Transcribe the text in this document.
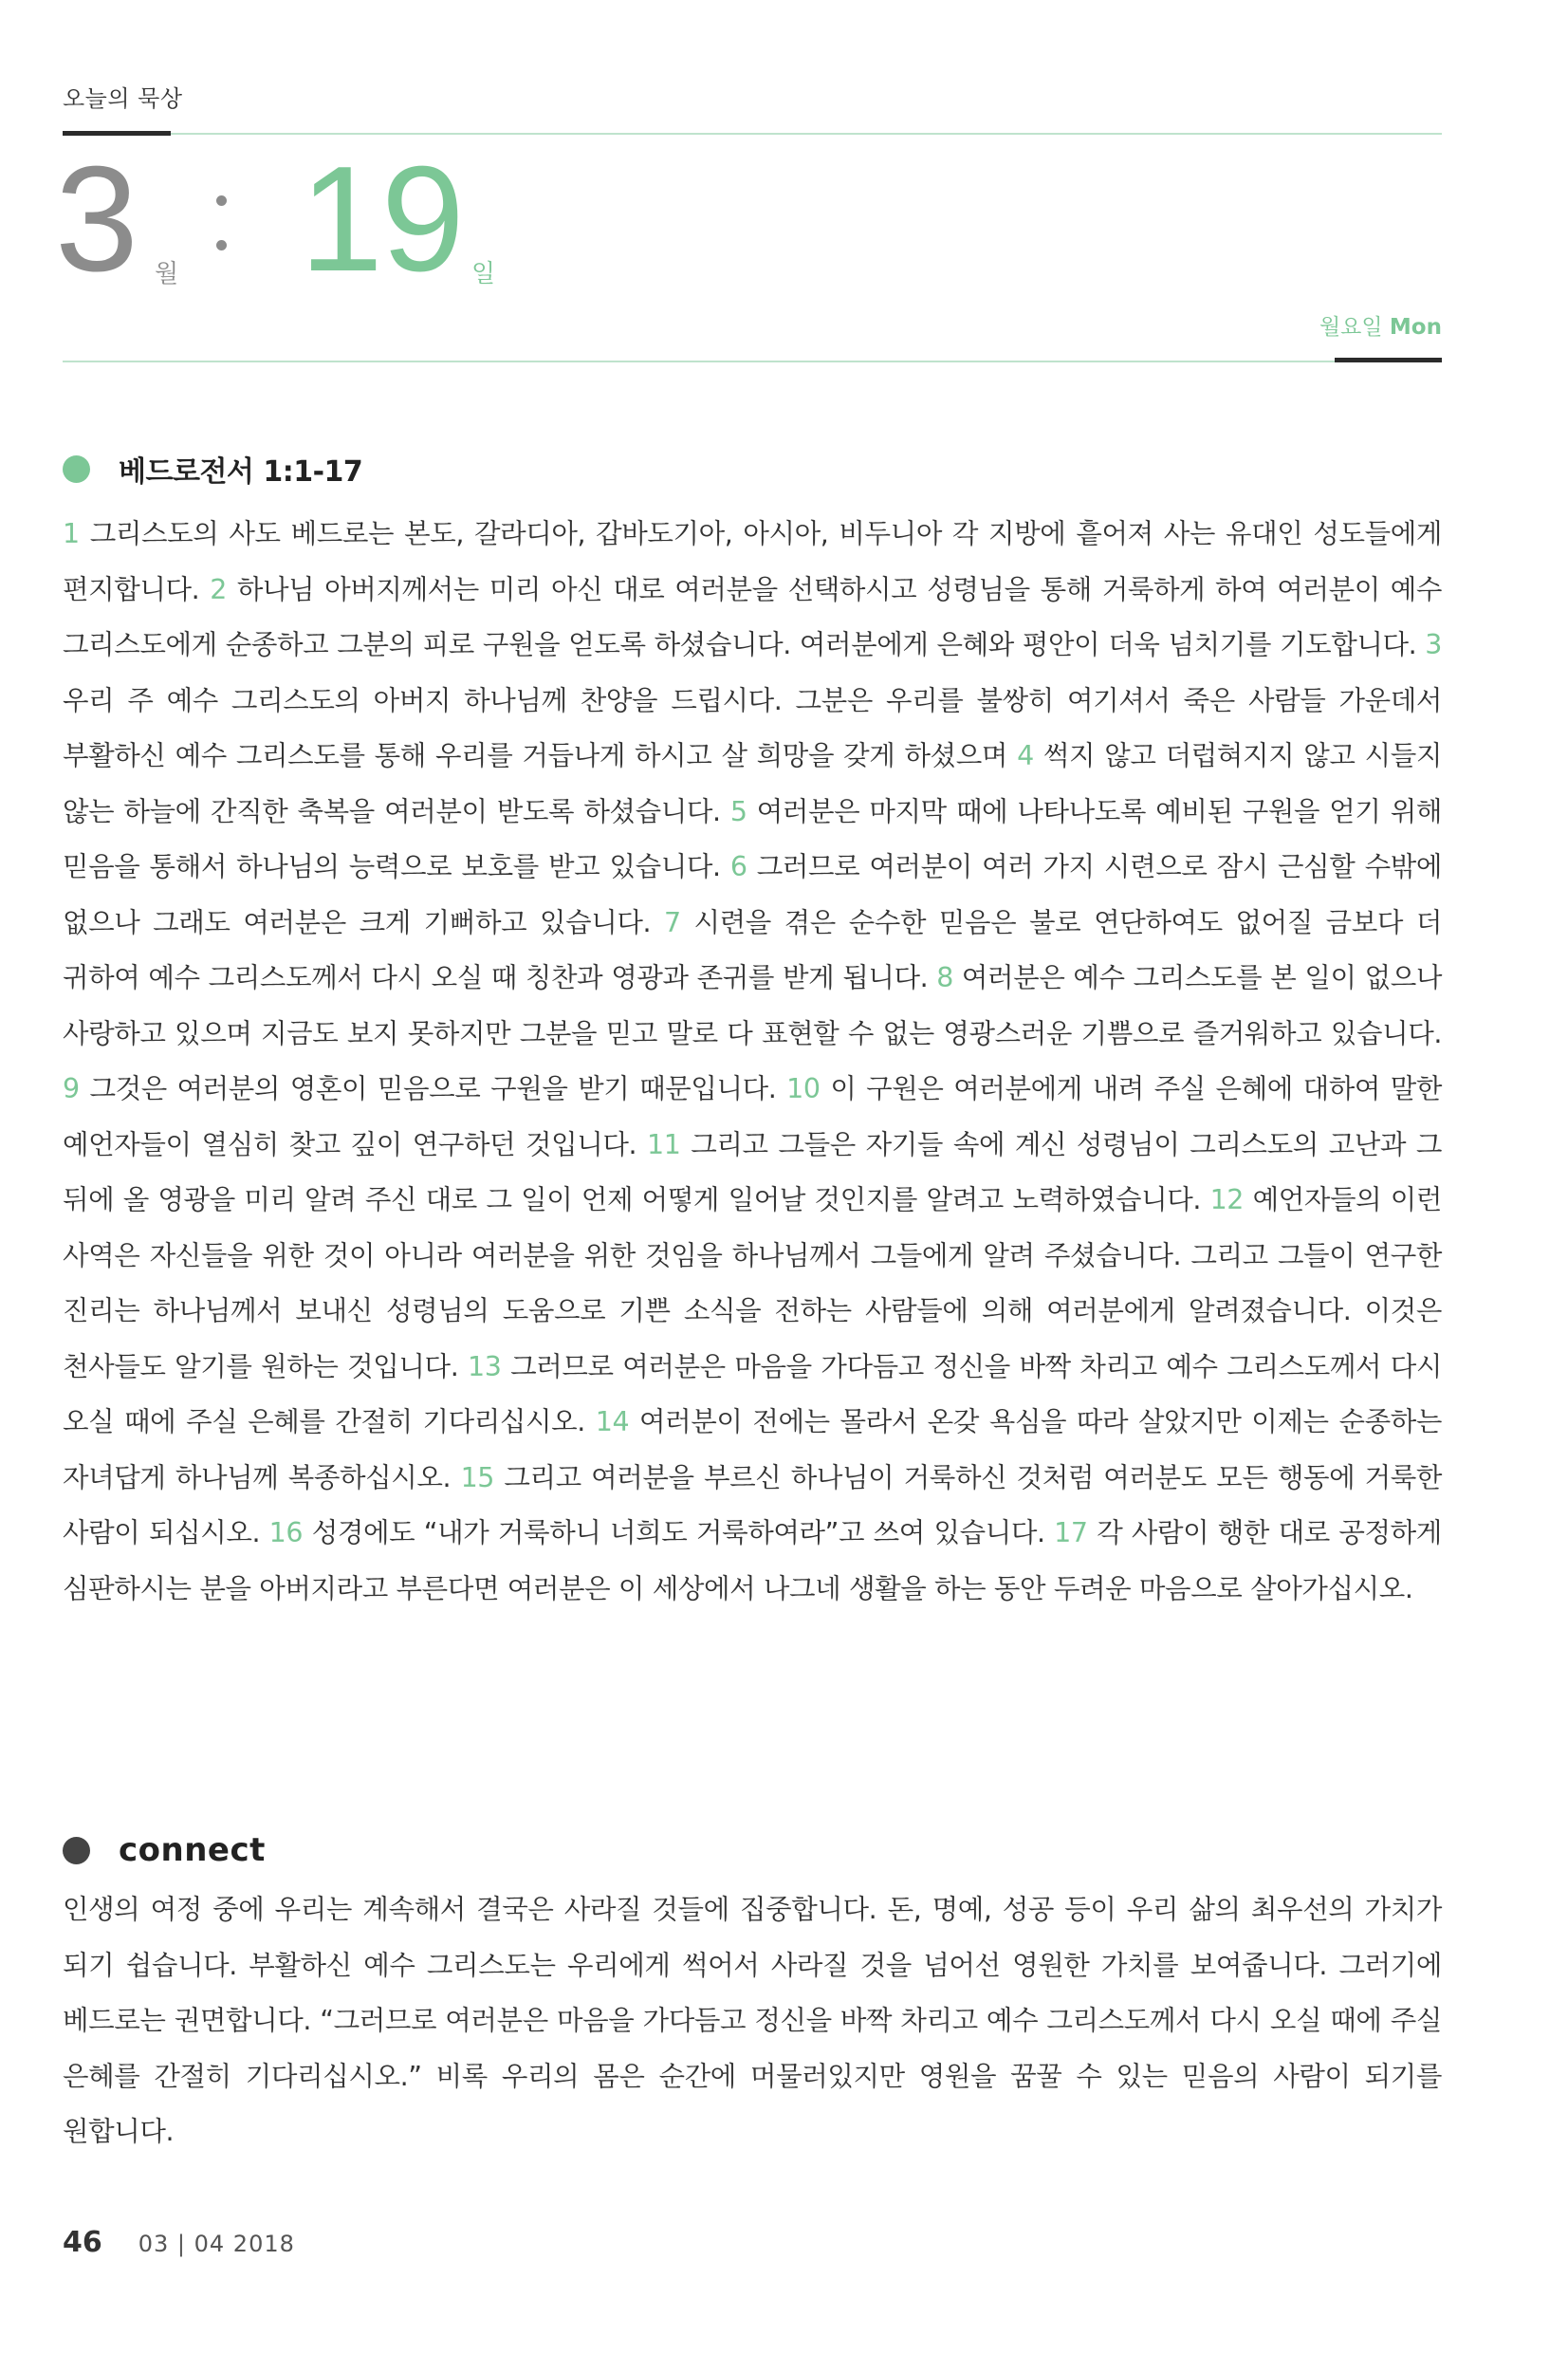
오늘의 묵상
3 월 19 일
월요일 Mon
베드로전서 1:1-17
1 그리스도의 사도 베드로는 본도, 갈라디아, 갑바도기아, 아시아, 비두니아 각 지방에 흩어져 사는 유대인 성도들에게 편지합니다. 2 하나님 아버지께서는 미리 아신 대로 여러분을 선택하시고 성령님을 통해 거룩하게 하여 여러분이 예수 그리스도에게 순종하고 그분의 피로 구원을 얻도록 하셨습니다. 여러분에게 은혜와 평안이 더욱 넘치기를 기도합니다. 3 우리 주 예수 그리스도의 아버지 하나님께 찬양을 드립시다. 그분은 우리를 불쌍히 여기셔서 죽은 사람들 가운데서 부활하신 예수 그리스도를 통해 우리를 거듭나게 하시고 살 희망을 갖게 하셨으며 4 썩지 않고 더럽혀지지 않고 시들지 않는 하늘에 간직한 축복을 여러분이 받도록 하셨습니다. 5 여러분은 마지막 때에 나타나도록 예비된 구원을 얻기 위해 믿음을 통해서 하나님의 능력으로 보호를 받고 있습니다. 6 그러므로 여러분이 여러 가지 시련으로 잠시 근심할 수밖에 없으나 그래도 여러분은 크게 기뻐하고 있습니다. 7 시련을 겪은 순수한 믿음은 불로 연단하여도 없어질 금보다 더 귀하여 예수 그리스도께서 다시 오실 때 칭찬과 영광과 존귀를 받게 됩니다. 8 여러분은 예수 그리스도를 본 일이 없으나 사랑하고 있으며 지금도 보지 못하지만 그분을 믿고 말로 다 표현할 수 없는 영광스러운 기쁨으로 즐거워하고 있습니다. 9 그것은 여러분의 영혼이 믿음으로 구원을 받기 때문입니다. 10 이 구원은 여러분에게 내려 주실 은혜에 대하여 말한 예언자들이 열심히 찾고 깊이 연구하던 것입니다. 11 그리고 그들은 자기들 속에 계신 성령님이 그리스도의 고난과 그 뒤에 올 영광을 미리 알려 주신 대로 그 일이 언제 어떻게 일어날 것인지를 알려고 노력하였습니다. 12 예언자들의 이런 사역은 자신들을 위한 것이 아니라 여러분을 위한 것임을 하나님께서 그들에게 알려 주셨습니다. 그리고 그들이 연구한 진리는 하나님께서 보내신 성령님의 도움으로 기쁜 소식을 전하는 사람들에 의해 여러분에게 알려졌습니다. 이것은 천사들도 알기를 원하는 것입니다. 13 그러므로 여러분은 마음을 가다듬고 정신을 바짝 차리고 예수 그리스도께서 다시 오실 때에 주실 은혜를 간절히 기다리십시오. 14 여러분이 전에는 몰라서 온갖 욕심을 따라 살았지만 이제는 순종하는 자녀답게 하나님께 복종하십시오. 15 그리고 여러분을 부르신 하나님이 거룩하신 것처럼 여러분도 모든 행동에 거룩한 사람이 되십시오. 16 성경에도 “내가 거룩하니 너희도 거룩하여라”고 쓰여 있습니다. 17 각 사람이 행한 대로 공정하게 심판하시는 분을 아버지라고 부른다면 여러분은 이 세상에서 나그네 생활을 하는 동안 두려운 마음으로 살아가십시오.
connect
인생의 여정 중에 우리는 계속해서 결국은 사라질 것들에 집중합니다. 돈, 명예, 성공 등이 우리 삶의 최우선의 가치가 되기 쉽습니다. 부활하신 예수 그리스도는 우리에게 썩어서 사라질 것을 넘어선 영원한 가치를 보여줍니다. 그러기에 베드로는 권면합니다. “그러므로 여러분은 마음을 가다듬고 정신을 바짝 차리고 예수 그리스도께서 다시 오실 때에 주실 은혜를 간절히 기다리십시오.” 비록 우리의 몸은 순간에 머물러있지만 영원을 꿈꿀 수 있는 믿음의 사람이 되기를 원합니다.
46 03 | 04 2018
